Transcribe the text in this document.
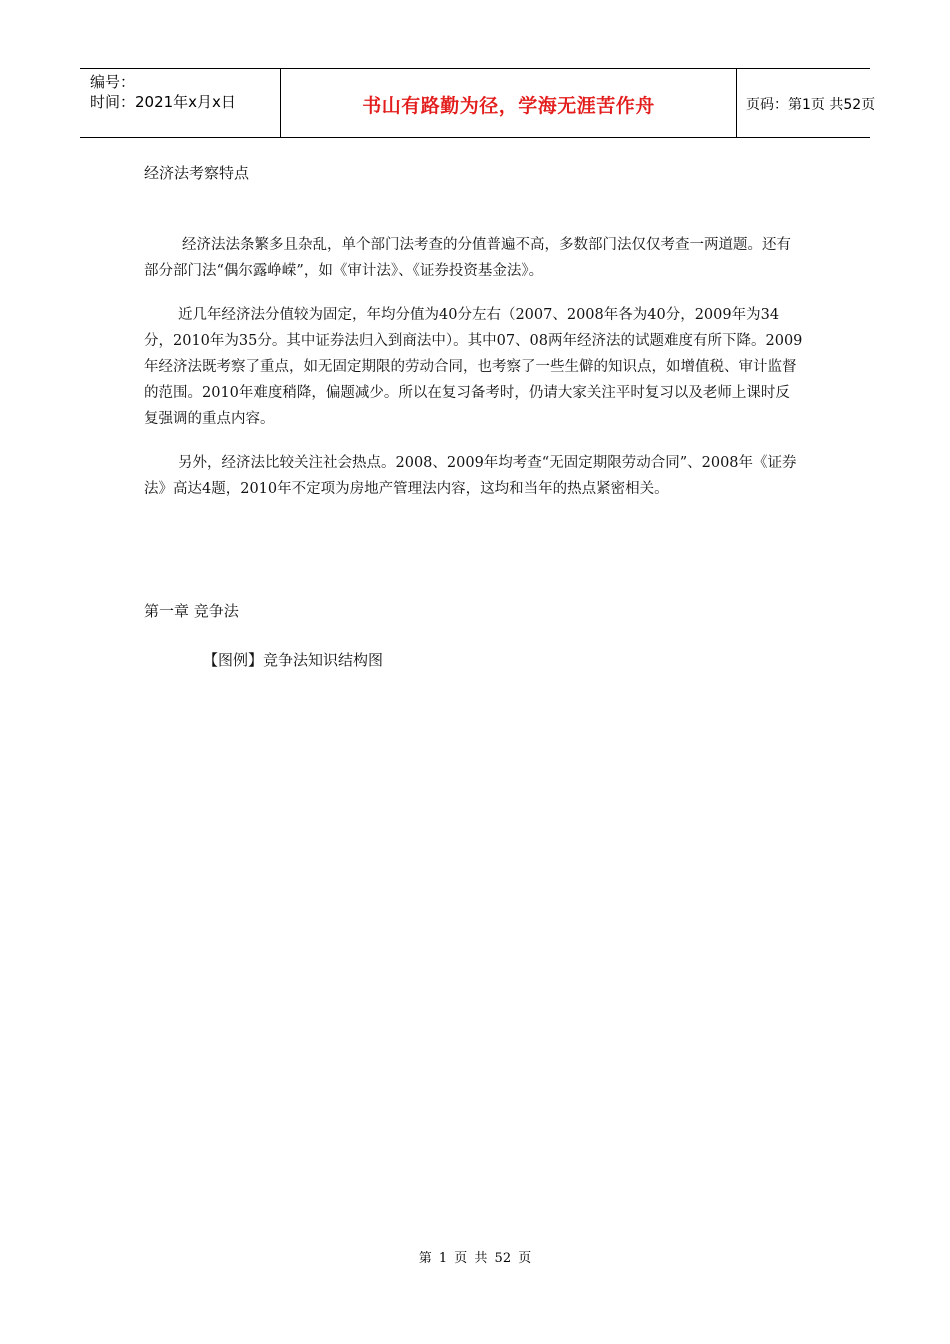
编号：
时间：2021年x月x日	书山有路勤为径，学海无涯苦作舟	页码：第1页 共52页
经济法考察特点

经济法法条繁多且杂乱，单个部门法考查的分值普遍不高，多数部门法仅仅考查一两道题。还有部分部门法“偶尔露峥嵘”，如《审计法》、《证券投资基金法》。

近几年经济法分值较为固定，年均分值为40分左右（2007、2008年各为40分，2009年为34分，2010年为35分。其中证券法归入到商法中）。其中07、08两年经济法的试题难度有所下降。2009年经济法既考察了重点，如无固定期限的劳动合同，也考察了一些生僻的知识点，如增值税、审计监督的范围。2010年难度稍降，偏题减少。所以在复习备考时，仍请大家关注平时复习以及老师上课时反复强调的重点内容。

另外，经济法比较关注社会热点。2008、2009年均考查“无固定期限劳动合同”、2008年《证券法》高达4题，2010年不定项为房地产管理法内容，这均和当年的热点紧密相关。

第一章 竞争法
【图例】竞争法知识结构图
第 1 页 共 52 页
